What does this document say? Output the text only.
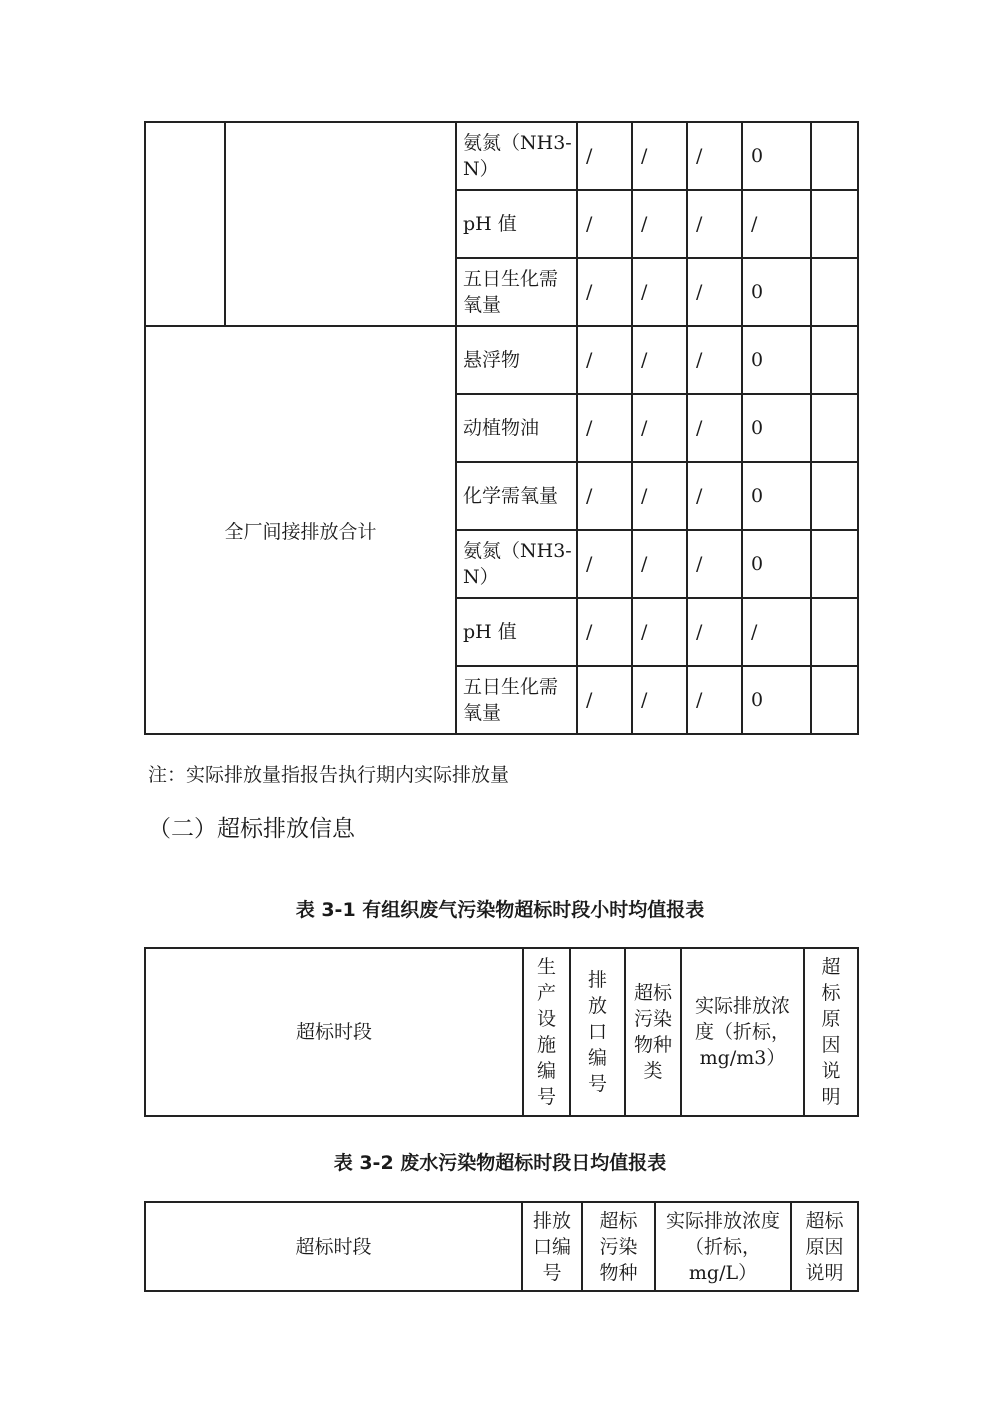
		氨氮（NH3-N）	/	/	/	0	
		pH 值	/	/	/	/	
		五日生化需氧量	/	/	/	0	
全厂间接排放合计		悬浮物	/	/	/	0	
		动植物油	/	/	/	0	
		化学需氧量	/	/	/	0	
		氨氮（NH3-N）	/	/	/	0	
		pH 值	/	/	/	/	
		五日生化需氧量	/	/	/	0	
注：实际排放量指报告执行期内实际排放量
（二）超标排放信息
表 3-1 有组织废气污染物超标时段小时均值报表
超标时段	生产设施编号	排放口编号	超标污染物种类	实际排放浓度（折标，mg/m3）	超标原因说明
表 3-2 废水污染物超标时段日均值报表
超标时段	排放口编号	超标污染物种	实际排放浓度（折标，mg/L）	超标原因说明
